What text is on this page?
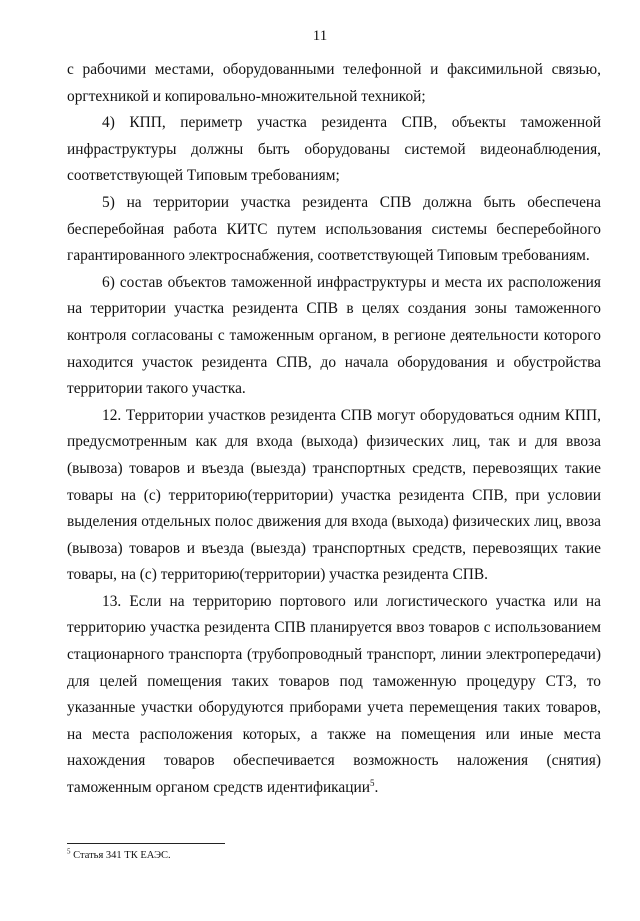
11

с рабочими местами, оборудованными телефонной и факсимильной связью, оргтехникой и копировально-множительной техникой;

4) КПП, периметр участка резидента СПВ, объекты таможенной инфраструктуры должны быть оборудованы системой видеонаблюдения, соответствующей Типовым требованиям;

5) на территории участка резидента СПВ должна быть обеспечена бесперебойная работа КИТС путем использования системы бесперебойного гарантированного электроснабжения, соответствующей Типовым требованиям.

6) состав объектов таможенной инфраструктуры и места их расположения на территории участка резидента СПВ в целях создания зоны таможенного контроля согласованы с таможенным органом, в регионе деятельности которого находится участок резидента СПВ, до начала оборудования и обустройства территории такого участка.

12. Территории участков резидента СПВ могут оборудоваться одним КПП, предусмотренным как для входа (выхода) физических лиц, так и для ввоза (вывоза) товаров и въезда (выезда) транспортных средств, перевозящих такие товары на (с) территорию(территории) участка резидента СПВ, при условии выделения отдельных полос движения для входа (выхода) физических лиц, ввоза (вывоза) товаров и въезда (выезда) транспортных средств, перевозящих такие товары, на (с) территорию(территории) участка резидента СПВ.

13. Если на территорию портового или логистического участка или на территорию участка резидента СПВ планируется ввоз товаров с использованием стационарного транспорта (трубопроводный транспорт, линии электропередачи) для целей помещения таких товаров под таможенную процедуру СТЗ, то указанные участки оборудуются приборами учета перемещения таких товаров, на места расположения которых, а также на помещения или иные места нахождения товаров обеспечивается возможность наложения (снятия) таможенным органом средств идентификации$^5$.

$^5$ Статья 341 ТК ЕАЭС.
